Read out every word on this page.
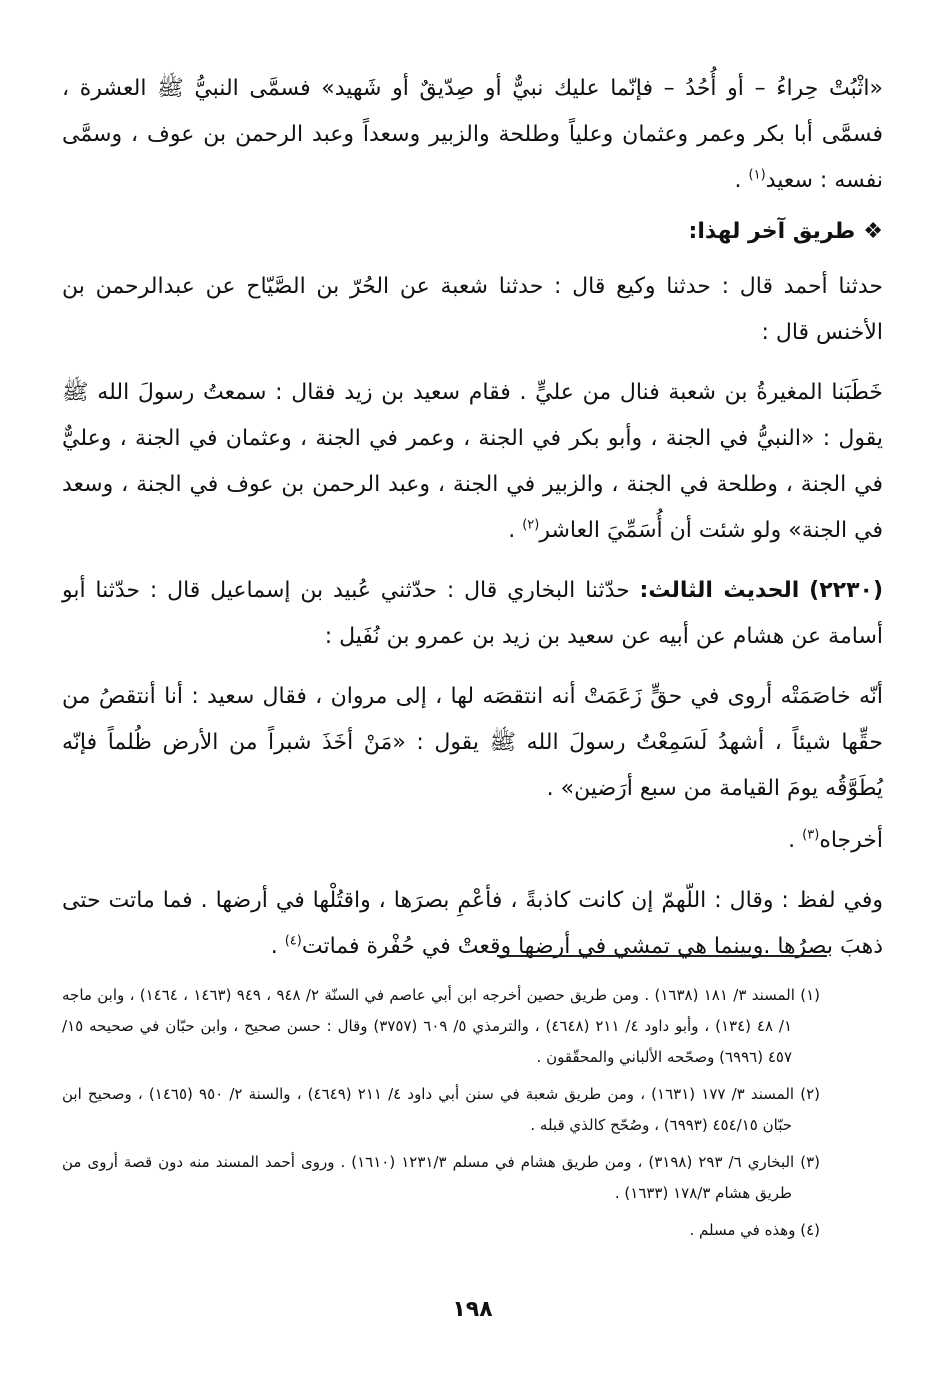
«اثْبُتْ حِراءُ – أو أُحُدُ – فإنّما عليك نبيٌّ أو صِدّيقٌ أو شَهيد» فسمَّى النبيُّ ﷺ العشرة ، فسمَّى أبا بكر وعمر وعثمان وعلياً وطلحة والزبير وسعداً وعبد الرحمن بن عوف ، وسمَّى نفسه : سعيد$^{(١)}$ .

❖طريق آخر لهذا:

حدثنا أحمد قال : حدثنا وكيع قال : حدثنا شعبة عن الحُرّ بن الصَّيّاح عن عبدالرحمن بن الأخنس قال :

خَطَبَنا المغيرةُ بن شعبة فنال من عليٍّ . فقام سعيد بن زيد فقال : سمعتُ رسولَ الله ﷺ يقول : «النبيُّ في الجنة ، وأبو بكر في الجنة ، وعمر في الجنة ، وعثمان في الجنة ، وعليٌّ في الجنة ، وطلحة في الجنة ، والزبير في الجنة ، وعبد الرحمن بن عوف في الجنة ، وسعد في الجنة» ولو شئت أن أُسَمِّيَ العاشر$^{(٢)}$ .

(٢٢٣٠) الحديث الثالث: حدّثنا البخاري قال : حدّثني عُبيد بن إسماعيل قال : حدّثنا أبو أسامة عن هشام عن أبيه عن سعيد بن زيد بن عمرو بن نُفَيل :

أنّه خاصَمَتْه أروى في حقٍّ زَعَمَتْ أنه انتقصَه لها ، إلى مروان ، فقال سعيد : أنا أنتقصُ من حقِّها شيئاً ، أشهدُ لَسَمِعْتُ رسولَ الله ﷺ يقول : «مَنْ أخَذَ شبراً من الأرض ظُلماً فإنّه يُطَوَّقُه يومَ القيامة من سبع أرَضين» .

أخرجاه$^{(٣)}$ .

وفي لفظ : وقال : اللّهمّ إن كانت كاذبةً ، فأعْمِ بصرَها ، واقتُلْها في أرضها . فما ماتت حتى ذهبَ بصرُها .وبينما هي تمشي في أرضها وقعتْ في حُفْرة فماتت$^{(٤)}$ .

(١) المسند ٣/ ١٨١ (١٦٣٨) . ومن طريق حصين أخرجه ابن أبي عاصم في السنّة ٢/ ٩٤٨ ، ٩٤٩ (١٤٦٣ ، ١٤٦٤) ، وابن ماجه ١/ ٤٨ (١٣٤) ، وأبو داود ٤/ ٢١١ (٤٦٤٨) ، والترمذي ٥/ ٦٠٩ (٣٧٥٧) وقال : حسن صحيح ، وابن حبّان في صحيحه ١٥/ ٤٥٧ (٦٩٩٦) وصحّحه الألباني والمحقّقون .

(٢) المسند ٣/ ١٧٧ (١٦٣١) ، ومن طريق شعبة في سنن أبي داود ٤/ ٢١١ (٤٦٤٩) ، والسنة ٢/ ٩٥٠ (١٤٦٥) ، وصحيح ابن حبّان ٤٥٤/١٥ (٦٩٩٣) ، وصُحّح كالذي قبله .

(٣) البخاري ٦/ ٢٩٣ (٣١٩٨) ، ومن طريق هشام في مسلم ١٢٣١/٣ (١٦١٠) . وروى أحمد المسند منه دون قصة أروى من طريق هشام ١٧٨/٣ (١٦٣٣) .

(٤) وهذه في مسلم .

١٩٨
